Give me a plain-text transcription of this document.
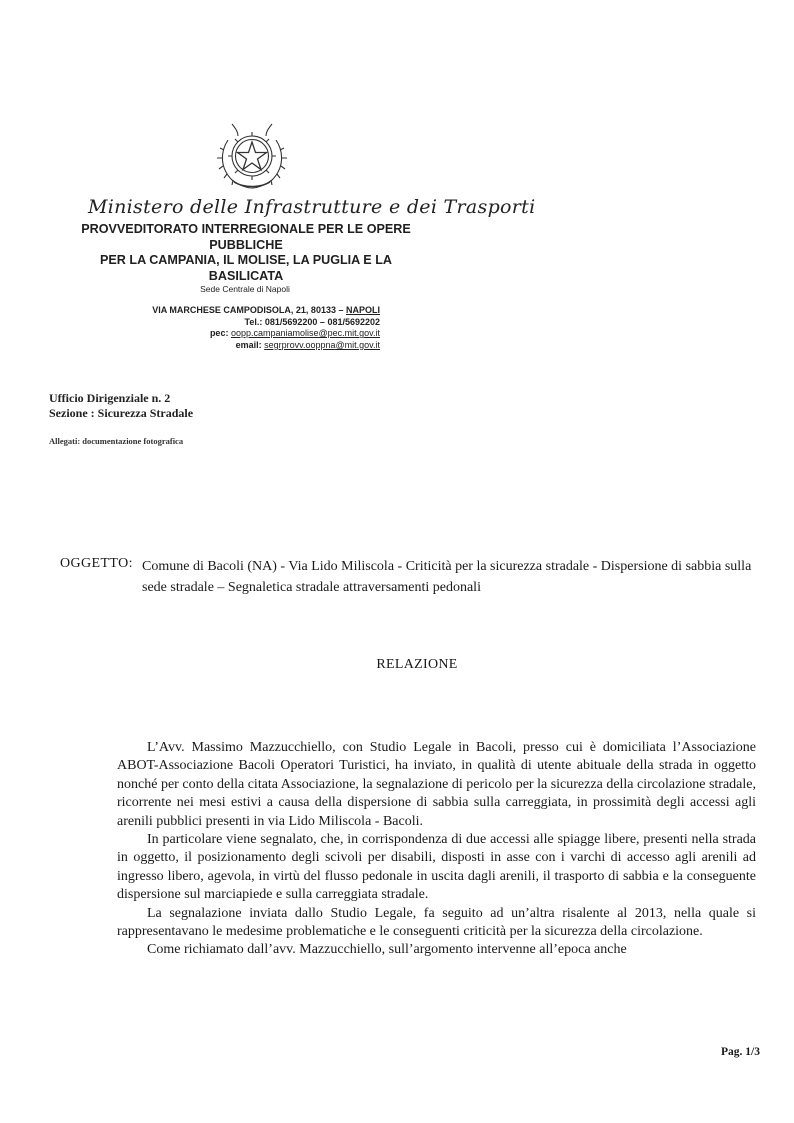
Ministero delle Infrastrutture e dei Trasporti
PROVVEDITORATO INTERREGIONALE PER LE OPERE
PUBBLICHE
PER LA CAMPANIA, IL MOLISE, LA PUGLIA E LA
BASILICATA
Sede Centrale di Napoli
VIA MARCHESE CAMPODISOLA, 21, 80133 – NAPOLI
Tel.: 081/5692200 – 081/5692202
pec: oopp.campaniamolise@pec.mit.gov.it
email: segrprovv.ooppna@mit.gov.it
Ufficio Dirigenziale n. 2
Sezione : Sicurezza Stradale
Allegati: documentazione fotografica
OGGETTO: Comune di Bacoli (NA) - Via Lido Miliscola - Criticità per la sicurezza stradale - Dispersione di sabbia sulla sede stradale – Segnaletica stradale attraversamenti pedonali
RELAZIONE

L’Avv. Massimo Mazzucchiello, con Studio Legale in Bacoli, presso cui è domiciliata l’Associazione ABOT-Associazione Bacoli Operatori Turistici, ha inviato, in qualità di utente abituale della strada in oggetto nonché per conto della citata Associazione, la segnalazione di pericolo per la sicurezza della circolazione stradale, ricorrente nei mesi estivi a causa della dispersione di sabbia sulla carreggiata, in prossimità degli accessi agli arenili pubblici presenti in via Lido Miliscola - Bacoli.

In particolare viene segnalato, che, in corrispondenza di due accessi alle spiagge libere, presenti nella strada in oggetto, il posizionamento degli scivoli per disabili, disposti in asse con i varchi di accesso agli arenili ad ingresso libero, agevola, in virtù del flusso pedonale in uscita dagli arenili, il trasporto di sabbia e la conseguente dispersione sul marciapiede e sulla carreggiata stradale.

La segnalazione inviata dallo Studio Legale, fa seguito ad un’altra risalente al 2013, nella quale si rappresentavano le medesime problematiche e le conseguenti criticità per la sicurezza della circolazione.

Come richiamato dall’avv. Mazzucchiello, sull’argomento intervenne all’epoca anche

Pag. 1/3
